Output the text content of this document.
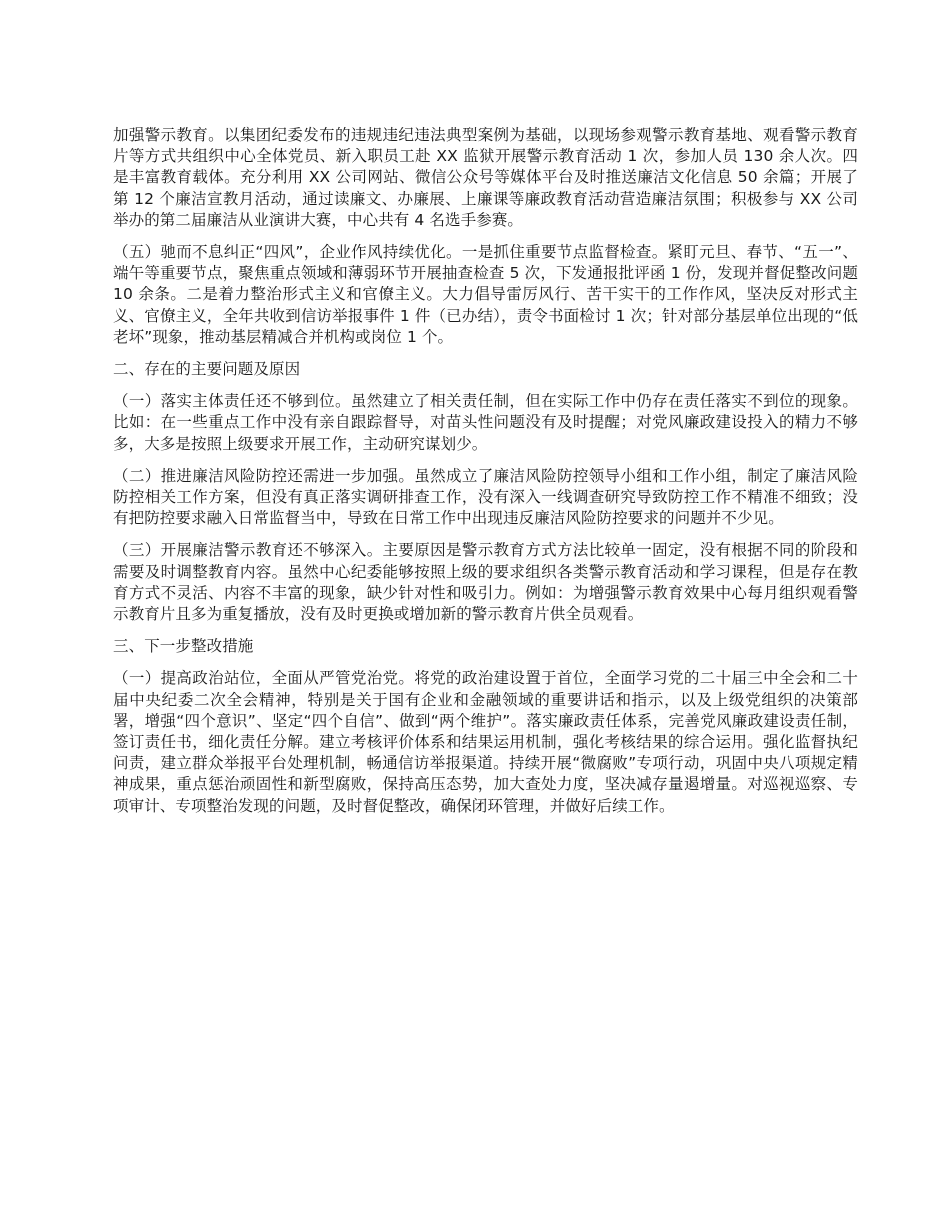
加强警示教育。以集团纪委发布的违规违纪违法典型案例为基础，以现场参观警示教育基地、观看警示教育片等方式共组织中心全体党员、新入职员工赴 XX 监狱开展警示教育活动 1 次，参加人员 130 余人次。四是丰富教育载体。充分利用 XX 公司网站、微信公众号等媒体平台及时推送廉洁文化信息 50 余篇；开展了第 12 个廉洁宣教月活动，通过读廉文、办廉展、上廉课等廉政教育活动营造廉洁氛围；积极参与 XX 公司举办的第二届廉洁从业演讲大赛，中心共有 4 名选手参赛。

（五）驰而不息纠正“四风”，企业作风持续优化。一是抓住重要节点监督检查。紧盯元旦、春节、“五一”、端午等重要节点，聚焦重点领域和薄弱环节开展抽查检查 5 次，下发通报批评函 1 份，发现并督促整改问题 10 余条。二是着力整治形式主义和官僚主义。大力倡导雷厉风行、苦干实干的工作作风，坚决反对形式主义、官僚主义，全年共收到信访举报事件 1 件（已办结），责令书面检讨 1 次；针对部分基层单位出现的“低老坏”现象，推动基层精减合并机构或岗位 1 个。

二、存在的主要问题及原因

（一）落实主体责任还不够到位。虽然建立了相关责任制，但在实际工作中仍存在责任落实不到位的现象。比如：在一些重点工作中没有亲自跟踪督导，对苗头性问题没有及时提醒；对党风廉政建设投入的精力不够多，大多是按照上级要求开展工作，主动研究谋划少。

（二）推进廉洁风险防控还需进一步加强。虽然成立了廉洁风险防控领导小组和工作小组，制定了廉洁风险防控相关工作方案，但没有真正落实调研排查工作，没有深入一线调查研究导致防控工作不精准不细致；没有把防控要求融入日常监督当中，导致在日常工作中出现违反廉洁风险防控要求的问题并不少见。

（三）开展廉洁警示教育还不够深入。主要原因是警示教育方式方法比较单一固定，没有根据不同的阶段和需要及时调整教育内容。虽然中心纪委能够按照上级的要求组织各类警示教育活动和学习课程，但是存在教育方式不灵活、内容不丰富的现象，缺少针对性和吸引力。例如：为增强警示教育效果中心每月组织观看警示教育片且多为重复播放，没有及时更换或增加新的警示教育片供全员观看。

三、下一步整改措施

（一）提高政治站位，全面从严管党治党。将党的政治建设置于首位，全面学习党的二十届三中全会和二十届中央纪委二次全会精神，特别是关于国有企业和金融领域的重要讲话和指示，以及上级党组织的决策部署，增强“四个意识”、坚定“四个自信”、做到“两个维护”。落实廉政责任体系，完善党风廉政建设责任制，签订责任书，细化责任分解。建立考核评价体系和结果运用机制，强化考核结果的综合运用。强化监督执纪问责，建立群众举报平台处理机制，畅通信访举报渠道。持续开展“微腐败”专项行动，巩固中央八项规定精神成果，重点惩治顽固性和新型腐败，保持高压态势，加大查处力度，坚决减存量遏增量。对巡视巡察、专项审计、专项整治发现的问题，及时督促整改，确保闭环管理，并做好后续工作。
